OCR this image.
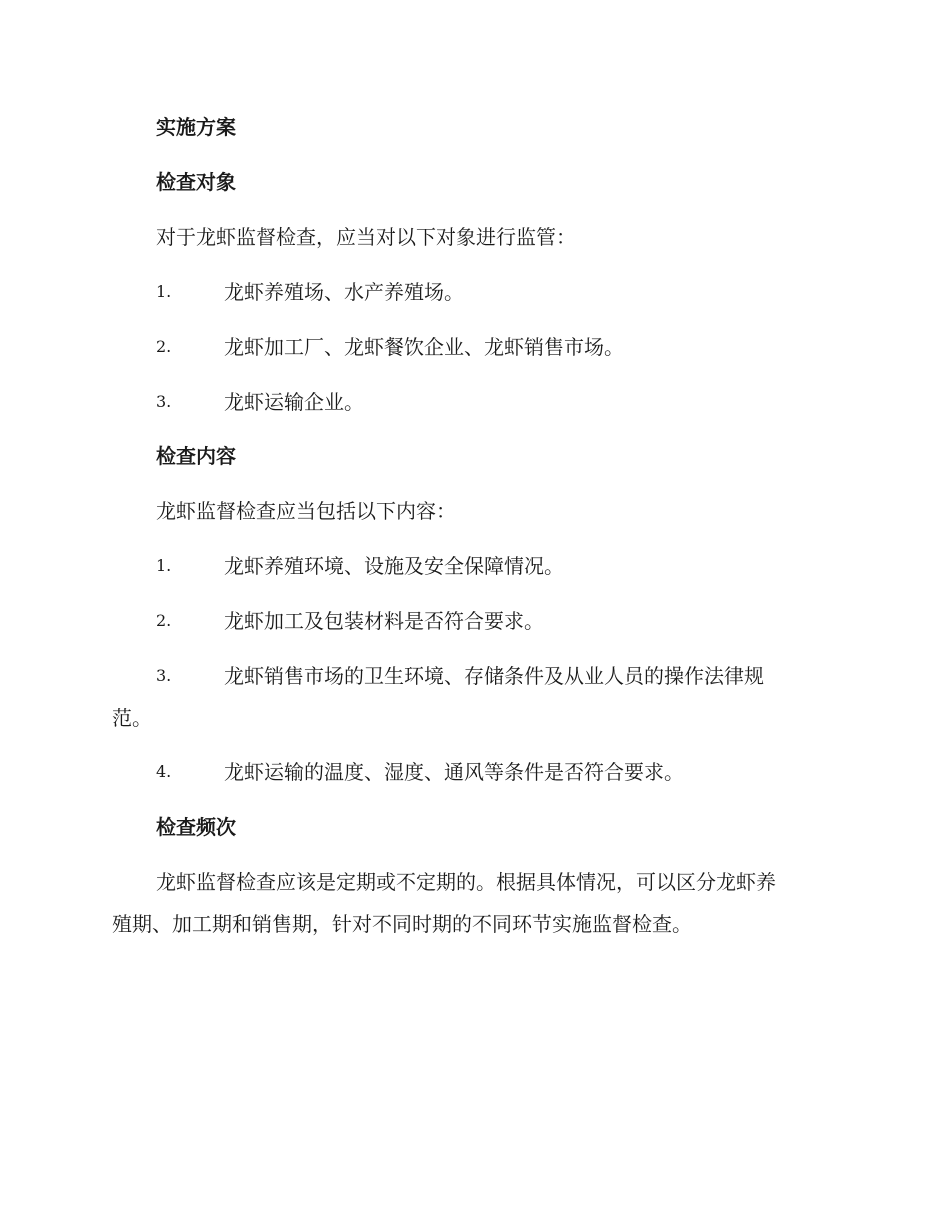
实施方案
检查对象
对于龙虾监督检查，应当对以下对象进行监管：
1.	龙虾养殖场、水产养殖场。
2.	龙虾加工厂、龙虾餐饮企业、龙虾销售市场。
3.	龙虾运输企业。
检查内容
龙虾监督检查应当包括以下内容：
1.	龙虾养殖环境、设施及安全保障情况。
2.	龙虾加工及包装材料是否符合要求。
3.	龙虾销售市场的卫生环境、存储条件及从业人员的操作法律规
范。
4.	龙虾运输的温度、湿度、通风等条件是否符合要求。
检查频次
龙虾监督检查应该是定期或不定期的。根据具体情况，可以区分龙虾养
殖期、加工期和销售期，针对不同时期的不同环节实施监督检查。
